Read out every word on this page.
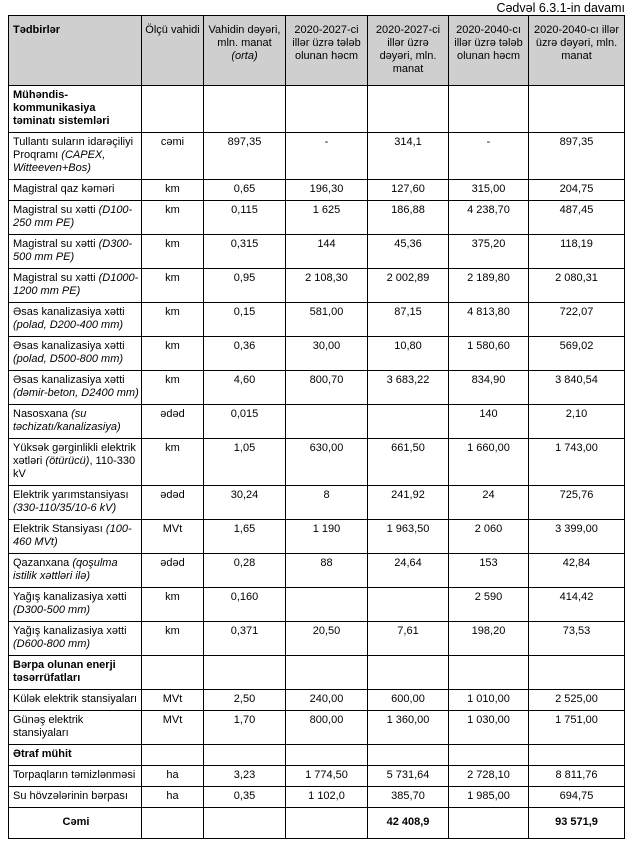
Cədvəl 6.3.1-in davamı
Tədbirlər	Ölçü vahidi	Vahidin dəyəri, mln. manat (orta)	2020-2027-ci illər üzrə tələb olunan həcm	2020-2027-ci illər üzrə dəyəri, mln. manat	2020-2040-cı illər üzrə tələb olunan həcm	2020-2040-cı illər üzrə dəyəri, mln. manat
Mühəndis-kommunikasiya təminatı sistemləri						
Tullantı suların idarəçiliyi Proqramı (CAPEX, Witteeven+Bos)	cəmi	897,35	-	314,1	-	897,35
Magistral qaz kəməri	km	0,65	196,30	127,60	315,00	204,75
Magistral su xətti (D100-250 mm PE)	km	0,115	1 625	186,88	4 238,70	487,45
Magistral su xətti (D300-500 mm PE)	km	0,315	144	45,36	375,20	118,19
Magistral su xətti (D1000-1200 mm PE)	km	0,95	2 108,30	2 002,89	2 189,80	2 080,31
Əsas kanalizasiya xətti (polad, D200-400 mm)	km	0,15	581,00	87,15	4 813,80	722,07
Əsas kanalizasiya xətti (polad, D500-800 mm)	km	0,36	30,00	10,80	1 580,60	569,02
Əsas kanalizasiya xətti (dəmir-beton, D2400 mm)	km	4,60	800,70	3 683,22	834,90	3 840,54
Nasosxana (su təchizatı/kanalizasiya)	ədəd	0,015			140	2,10
Yüksək gərginlikli elektrik xətləri (ötürücü), 110-330 kV	km	1,05	630,00	661,50	1 660,00	1 743,00
Elektrik yarımstansiyası (330-110/35/10-6 kV)	ədəd	30,24	8	241,92	24	725,76
Elektrik Stansiyası (100-460 MVt)	MVt	1,65	1 190	1 963,50	2 060	3 399,00
Qazanxana (qoşulma istilik xəttləri ilə)	ədəd	0,28	88	24,64	153	42,84
Yağış kanalizasiya xətti (D300-500 mm)	km	0,160			2 590	414,42
Yağış kanalizasiya xətti (D600-800 mm)	km	0,371	20,50	7,61	198,20	73,53
Bərpa olunan enerji təsərrüfatları						
Külək elektrik stansiyaları	MVt	2,50	240,00	600,00	1 010,00	2 525,00
Günəş elektrik stansiyaları	MVt	1,70	800,00	1 360,00	1 030,00	1 751,00
Ətraf mühit						
Torpaqların təmizlənməsi	ha	3,23	1 774,50	5 731,64	2 728,10	8 811,76
Su hövzələrinin bərpası	ha	0,35	1 102,0	385,70	1 985,00	694,75
Cəmi				42 408,9		93 571,9
